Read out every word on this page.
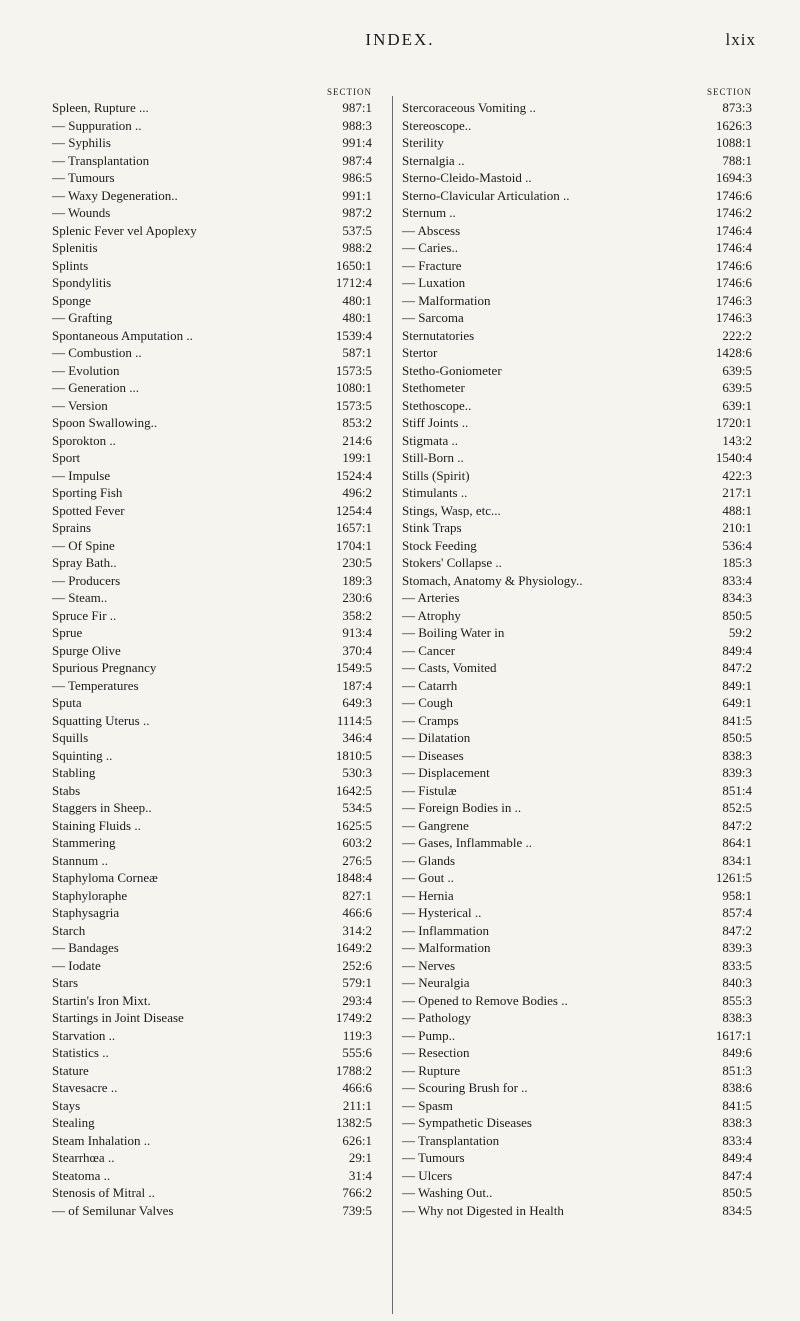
INDEX.	lxix
SECTION
Spleen, Rupture ...	987:1
— Suppuration ..	988:3
— Syphilis	991:4
— Transplantation	987:4
— Tumours	986:5
— Waxy Degeneration..	991:1
— Wounds	987:2
Splenic Fever vel Apoplexy	537:5
Splenitis	988:2
Splints	1650:1
Spondylitis	1712:4
Sponge	480:1
— Grafting	480:1
Spontaneous Amputation ..	1539:4
— Combustion ..	587:1
— Evolution	1573:5
— Generation ...	1080:1
— Version	1573:5
Spoon Swallowing..	853:2
Sporokton ..	214:6
Sport	199:1
— Impulse	1524:4
Sporting Fish	496:2
Spotted Fever	1254:4
Sprains	1657:1
— Of Spine	1704:1
Spray Bath..	230:5
— Producers	189:3
— Steam..	230:6
Spruce Fir ..	358:2
Sprue	913:4
Spurge Olive	370:4
Spurious Pregnancy	1549:5
— Temperatures	187:4
Sputa	649:3
Squatting Uterus ..	1114:5
Squills	346:4
Squinting ..	1810:5
Stabling	530:3
Stabs	1642:5
Staggers in Sheep..	534:5
Staining Fluids ..	1625:5
Stammering	603:2
Stannum ..	276:5
Staphyloma Corneæ	1848:4
Staphyloraphe	827:1
Staphysagria	466:6
Starch	314:2
— Bandages	1649:2
— Iodate	252:6
Stars	579:1
Startin's Iron Mixt.	293:4
Startings in Joint Disease	1749:2
Starvation ..	119:3
Statistics ..	555:6
Stature	1788:2
Stavesacre ..	466:6
Stays	211:1
Stealing	1382:5
Steam Inhalation ..	626:1
Stearrhœa ..	29:1
Steatoma ..	31:4
Stenosis of Mitral ..	766:2
— of Semilunar Valves	739:5
SECTION
Stercoraceous Vomiting ..	873:3
Stereoscope..	1626:3
Sterility	1088:1
Sternalgia ..	788:1
Sterno-Cleido-Mastoid ..	1694:3
Sterno-Clavicular Articulation ..	1746:6
Sternum ..	1746:2
— Abscess	1746:4
— Caries..	1746:4
— Fracture	1746:6
— Luxation	1746:6
— Malformation	1746:3
— Sarcoma	1746:3
Sternutatories	222:2
Stertor	1428:6
Stetho-Goniometer	639:5
Stethometer	639:5
Stethoscope..	639:1
Stiff Joints ..	1720:1
Stigmata ..	143:2
Still-Born ..	1540:4
Stills (Spirit)	422:3
Stimulants ..	217:1
Stings, Wasp, etc...	488:1
Stink Traps	210:1
Stock Feeding	536:4
Stokers' Collapse ..	185:3
Stomach, Anatomy & Physiology..	833:4
— Arteries	834:3
— Atrophy	850:5
— Boiling Water in	59:2
— Cancer	849:4
— Casts, Vomited	847:2
— Catarrh	849:1
— Cough	649:1
— Cramps	841:5
— Dilatation	850:5
— Diseases	838:3
— Displacement	839:3
— Fistulæ	851:4
— Foreign Bodies in ..	852:5
— Gangrene	847:2
— Gases, Inflammable ..	864:1
— Glands	834:1
— Gout ..	1261:5
— Hernia	958:1
— Hysterical ..	857:4
— Inflammation	847:2
— Malformation	839:3
— Nerves	833:5
— Neuralgia	840:3
— Opened to Remove Bodies ..	855:3
— Pathology	838:3
— Pump..	1617:1
— Resection	849:6
— Rupture	851:3
— Scouring Brush for ..	838:6
— Spasm	841:5
— Sympathetic Diseases	838:3
— Transplantation	833:4
— Tumours	849:4
— Ulcers	847:4
— Washing Out..	850:5
— Why not Digested in Health	834:5
